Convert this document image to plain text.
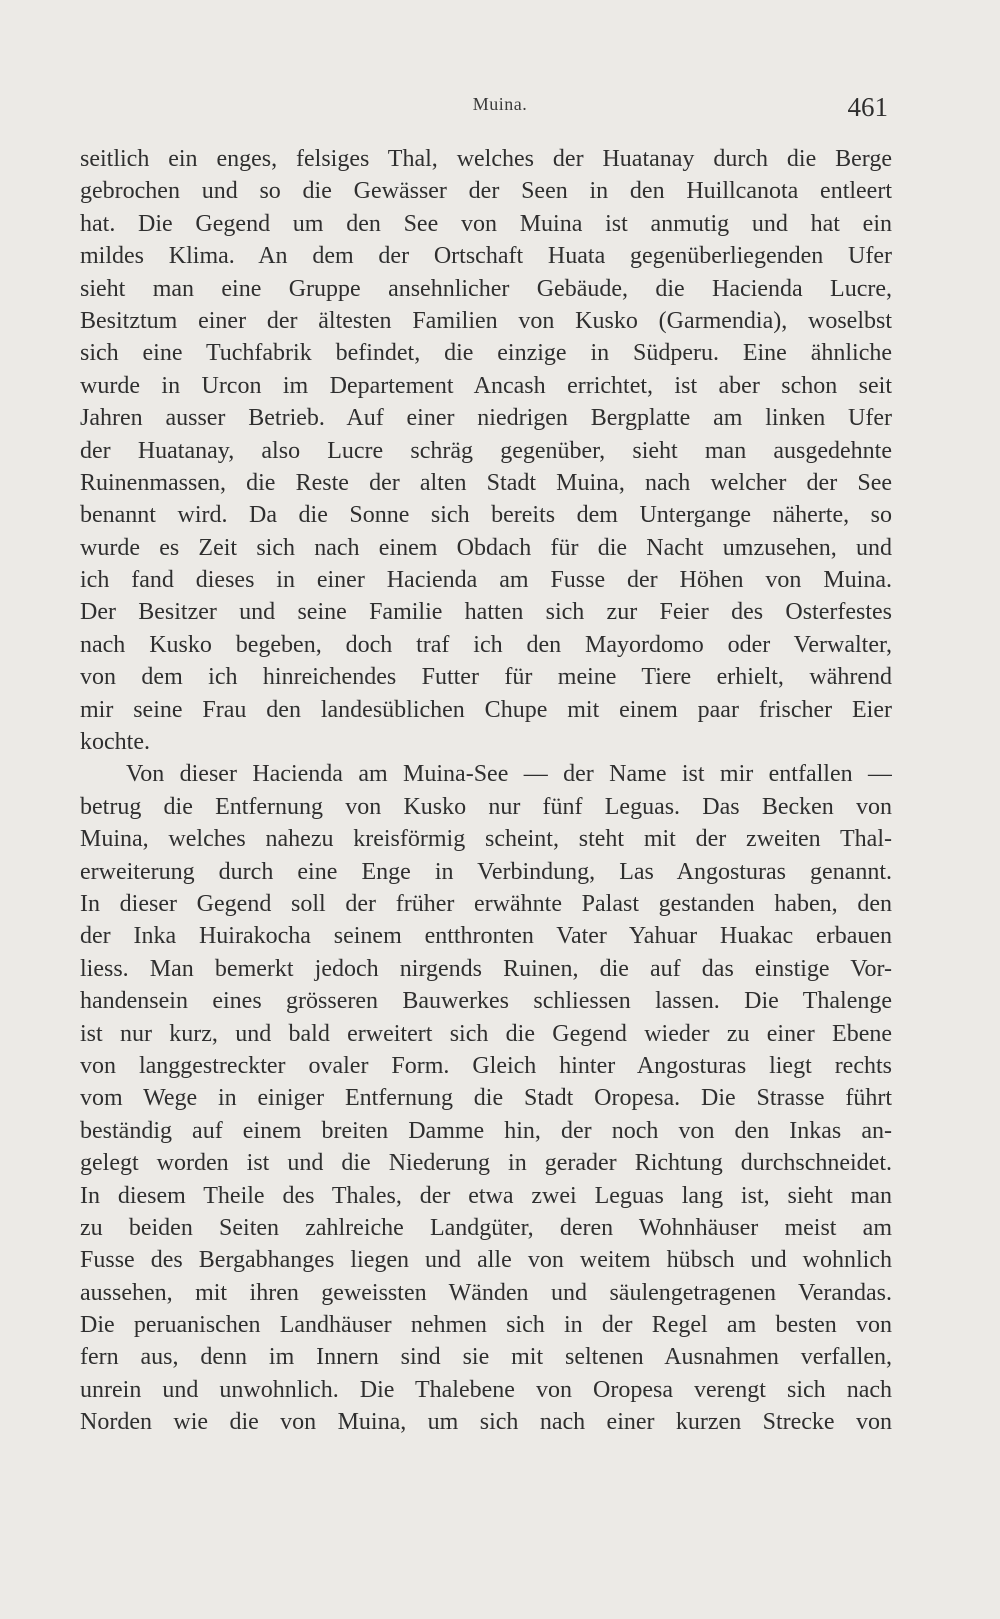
Muina.	461
seitlich ein enges, felsiges Thal, welches der Huatanay durch die Berge
gebrochen und so die Gewässer der Seen in den Huillcanota entleert
hat. Die Gegend um den See von Muina ist anmutig und hat ein
mildes Klima. An dem der Ortschaft Huata gegenüberliegenden Ufer
sieht man eine Gruppe ansehnlicher Gebäude, die Hacienda Lucre,
Besitztum einer der ältesten Familien von Kusko (Garmendia), woselbst
sich eine Tuchfabrik befindet, die einzige in Südperu. Eine ähnliche
wurde in Urcon im Departement Ancash errichtet, ist aber schon seit
Jahren ausser Betrieb. Auf einer niedrigen Bergplatte am linken Ufer
der Huatanay, also Lucre schräg gegenüber, sieht man ausgedehnte
Ruinenmassen, die Reste der alten Stadt Muina, nach welcher der See
benannt wird. Da die Sonne sich bereits dem Untergange näherte, so
wurde es Zeit sich nach einem Obdach für die Nacht umzusehen, und
ich fand dieses in einer Hacienda am Fusse der Höhen von Muina.
Der Besitzer und seine Familie hatten sich zur Feier des Osterfestes
nach Kusko begeben, doch traf ich den Mayordomo oder Verwalter,
von dem ich hinreichendes Futter für meine Tiere erhielt, während
mir seine Frau den landesüblichen Chupe mit einem paar frischer Eier
kochte.
Von dieser Hacienda am Muina-See — der Name ist mir entfallen —
betrug die Entfernung von Kusko nur fünf Leguas. Das Becken von
Muina, welches nahezu kreisförmig scheint, steht mit der zweiten Thal-
erweiterung durch eine Enge in Verbindung, Las Angosturas genannt.
In dieser Gegend soll der früher erwähnte Palast gestanden haben, den
der Inka Huirakocha seinem entthronten Vater Yahuar Huakac erbauen
liess. Man bemerkt jedoch nirgends Ruinen, die auf das einstige Vor-
handensein eines grösseren Bauwerkes schliessen lassen. Die Thalenge
ist nur kurz, und bald erweitert sich die Gegend wieder zu einer Ebene
von langgestreckter ovaler Form. Gleich hinter Angosturas liegt rechts
vom Wege in einiger Entfernung die Stadt Oropesa. Die Strasse führt
beständig auf einem breiten Damme hin, der noch von den Inkas an-
gelegt worden ist und die Niederung in gerader Richtung durchschneidet.
In diesem Theile des Thales, der etwa zwei Leguas lang ist, sieht man
zu beiden Seiten zahlreiche Landgüter, deren Wohnhäuser meist am
Fusse des Bergabhanges liegen und alle von weitem hübsch und wohnlich
aussehen, mit ihren geweissten Wänden und säulengetragenen Verandas.
Die peruanischen Landhäuser nehmen sich in der Regel am besten von
fern aus, denn im Innern sind sie mit seltenen Ausnahmen verfallen,
unrein und unwohnlich. Die Thalebene von Oropesa verengt sich nach
Norden wie die von Muina, um sich nach einer kurzen Strecke von
